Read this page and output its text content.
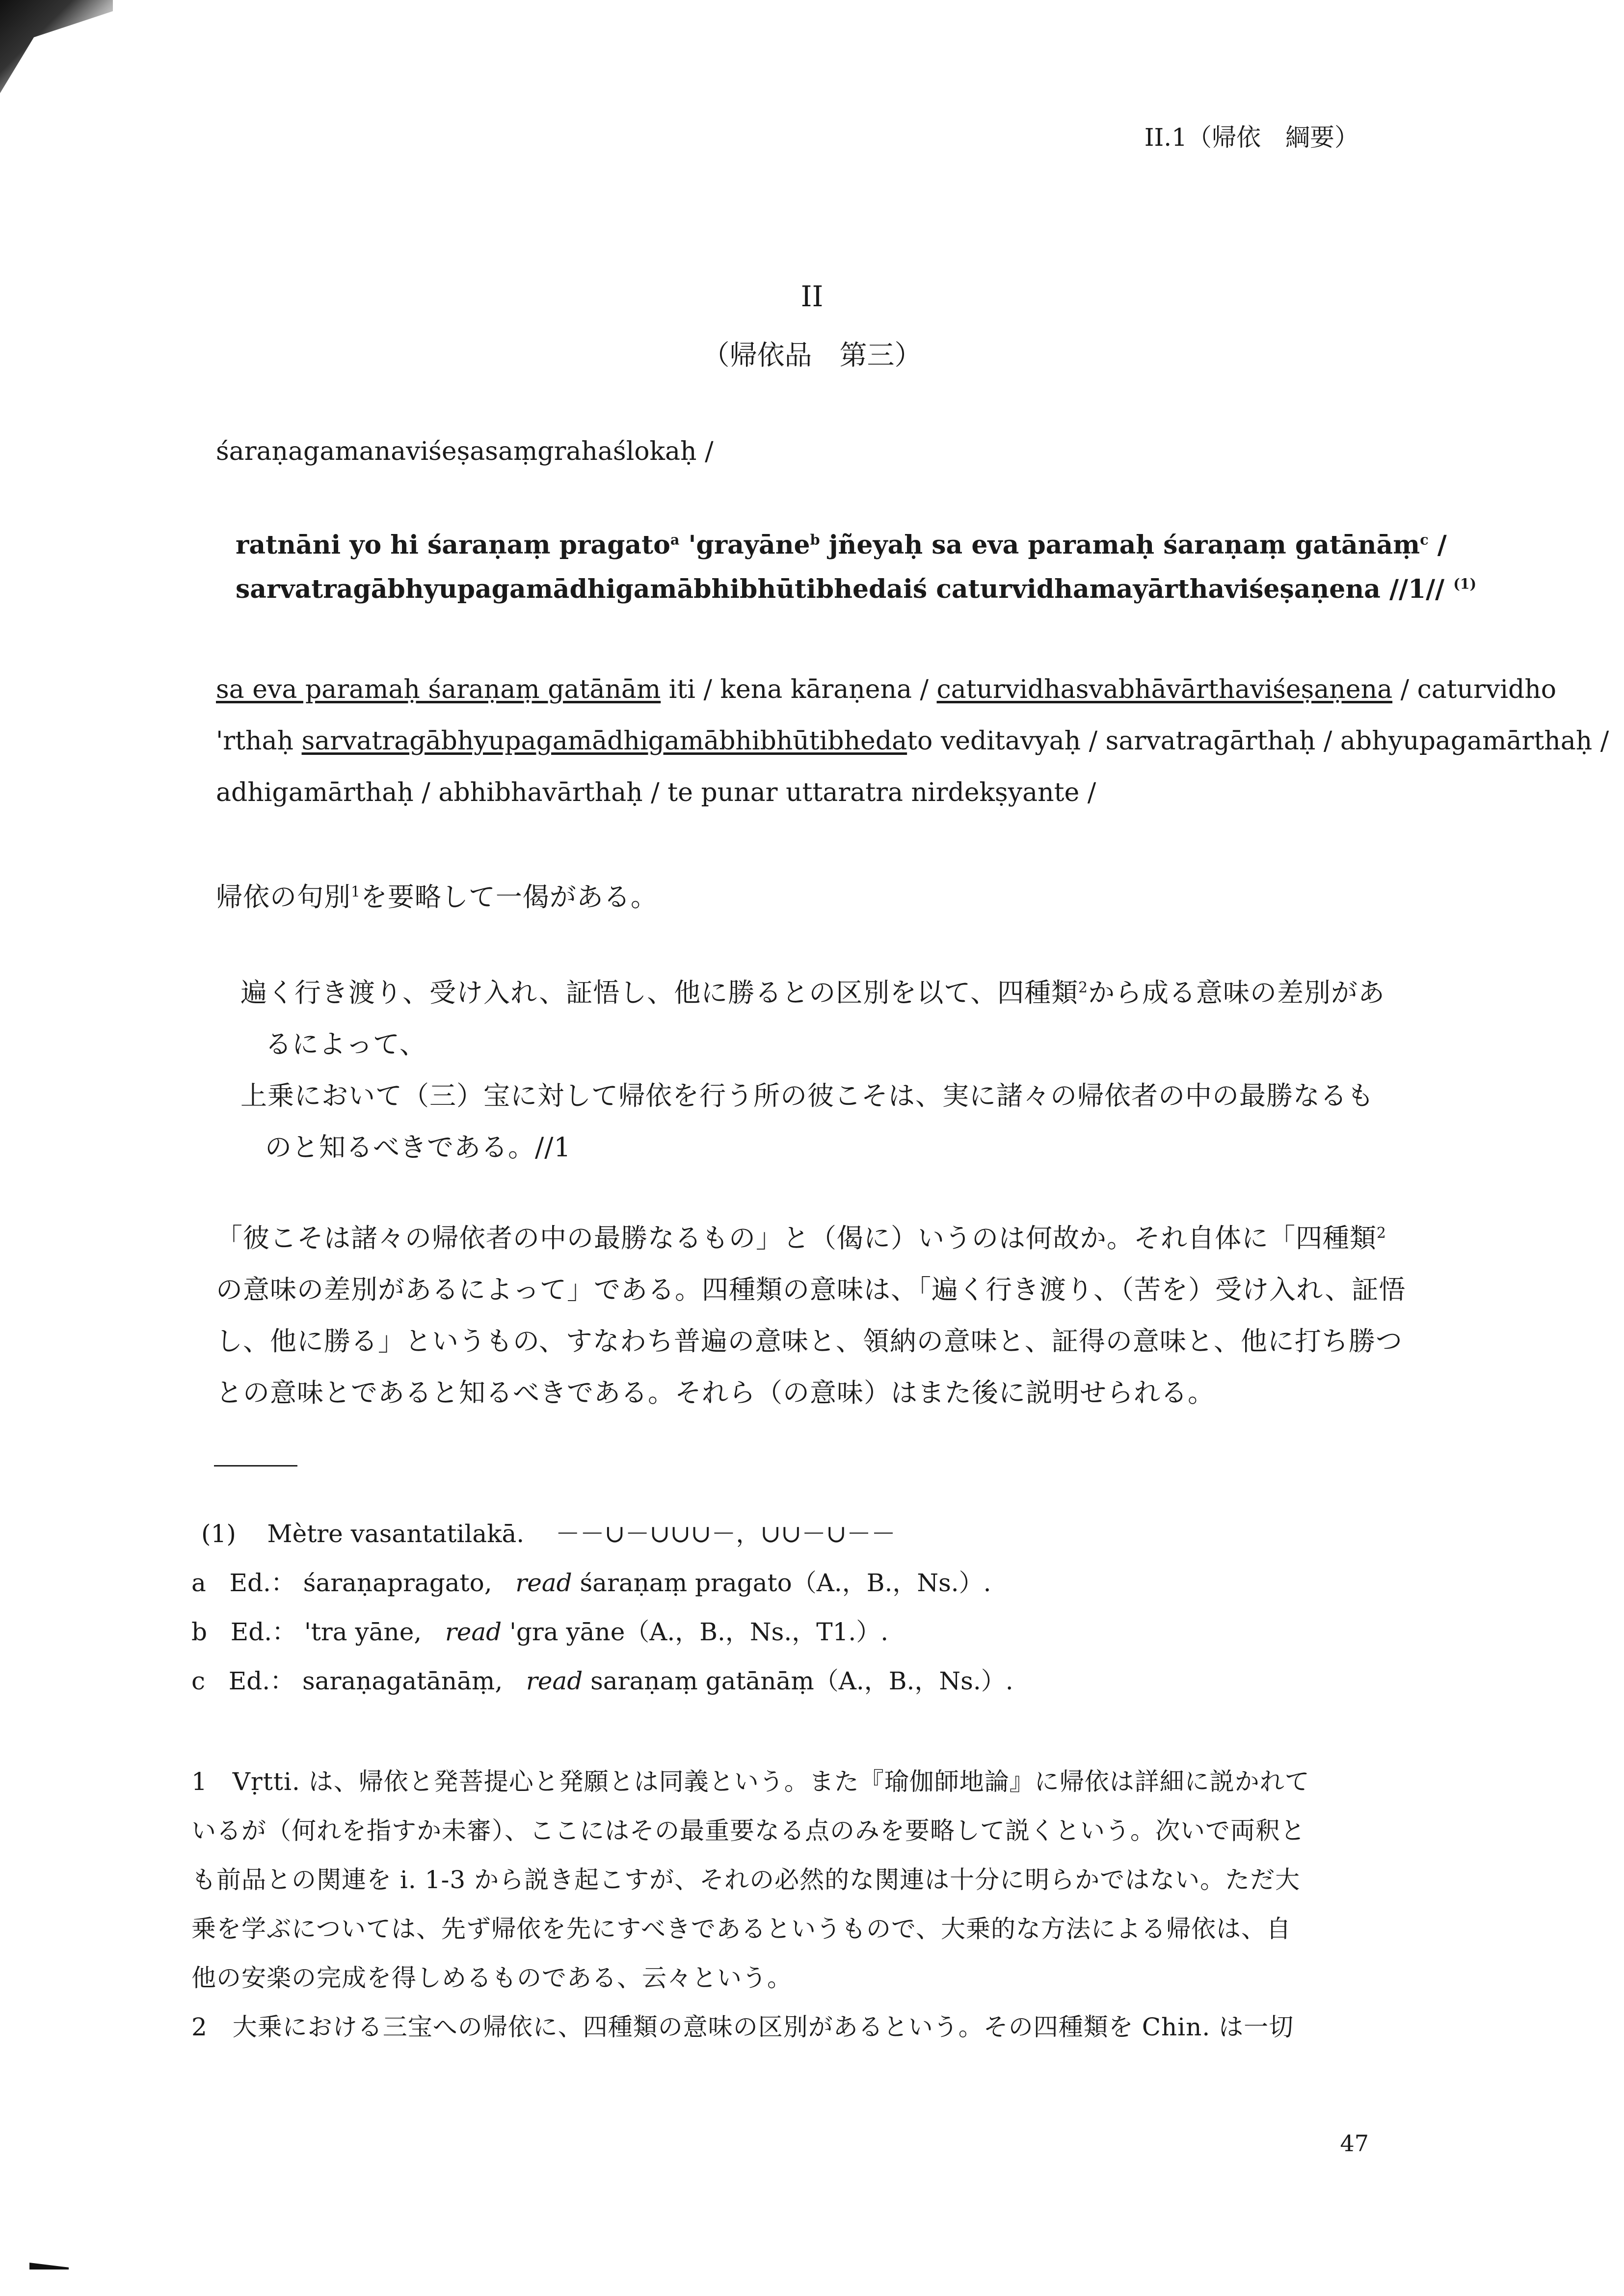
II.1（帰依　綱要）
II
（帰依品　第三）
śaraṇagamanaviśeṣasaṃgrahaślokaḥ /
ratnāni yo hi śaraṇaṃ pragato$^a$ 'grayāne$^b$ jñeyaḥ sa eva paramaḥ śaraṇaṃ gatānāṃ$^c$ /
sarvatragābhyupagamādhigamābhibhūtibhedaiś caturvidhamayārthaviśeṣaṇena //1// $^{(1)}$
sa eva paramaḥ śaraṇaṃ gatānām iti / kena kāraṇena / caturvidhasvabhāvārthaviśeṣaṇena / caturvidho
'rthaḥ sarvatragābhyupagamādhigamābhibhūtibhedato veditavyaḥ / sarvatragārthaḥ / abhyupagamārthaḥ /
adhigamārthaḥ / abhibhavārthaḥ / te punar uttaratra nirdekṣyante /
帰依の句別$^1$を要略して一偈がある。
遍く行き渡り、受け入れ、証悟し、他に勝るとの区別を以て、四種類$^2$から成る意味の差別があ
るによって、
上乗において（三）宝に対して帰依を行う所の彼こそは、実に諸々の帰依者の中の最勝なるも
のと知るべきである。//1
「彼こそは諸々の帰依者の中の最勝なるもの」と（偈に）いうのは何故か。それ自体に「四種類$^2$
の意味の差別があるによって」である。四種類の意味は、「遍く行き渡り、（苦を）受け入れ、証悟
し、他に勝る」というもの、すなわち普遍の意味と、領納の意味と、証得の意味と、他に打ち勝つ
との意味とであると知るべきである。それら（の意味）はまた後に説明せられる。
(1) Mètre vasantatilakā. －－∪－∪∪∪－，∪∪－∪－－
a Ed.： śaraṇapragato, read śaraṇaṃ pragato（A.，B.，Ns.）.
b Ed.： 'tra yāne, read 'gra yāne（A.，B.，Ns.，T1.）.
c Ed.： saraṇagatānāṃ, read saraṇaṃ gatānāṃ（A.，B.，Ns.）.
1　Vṛtti. は、帰依と発菩提心と発願とは同義という。また『瑜伽師地論』に帰依は詳細に説かれて
いるが（何れを指すか未審）、ここにはその最重要なる点のみを要略して説くという。次いで両釈と
も前品との関連を i. 1-3 から説き起こすが、それの必然的な関連は十分に明らかではない。ただ大
乗を学ぶについては、先ず帰依を先にすべきであるというもので、大乗的な方法による帰依は、自
他の安楽の完成を得しめるものである、云々という。
2　大乗における三宝への帰依に、四種類の意味の区別があるという。その四種類を Chin. は一切
47
